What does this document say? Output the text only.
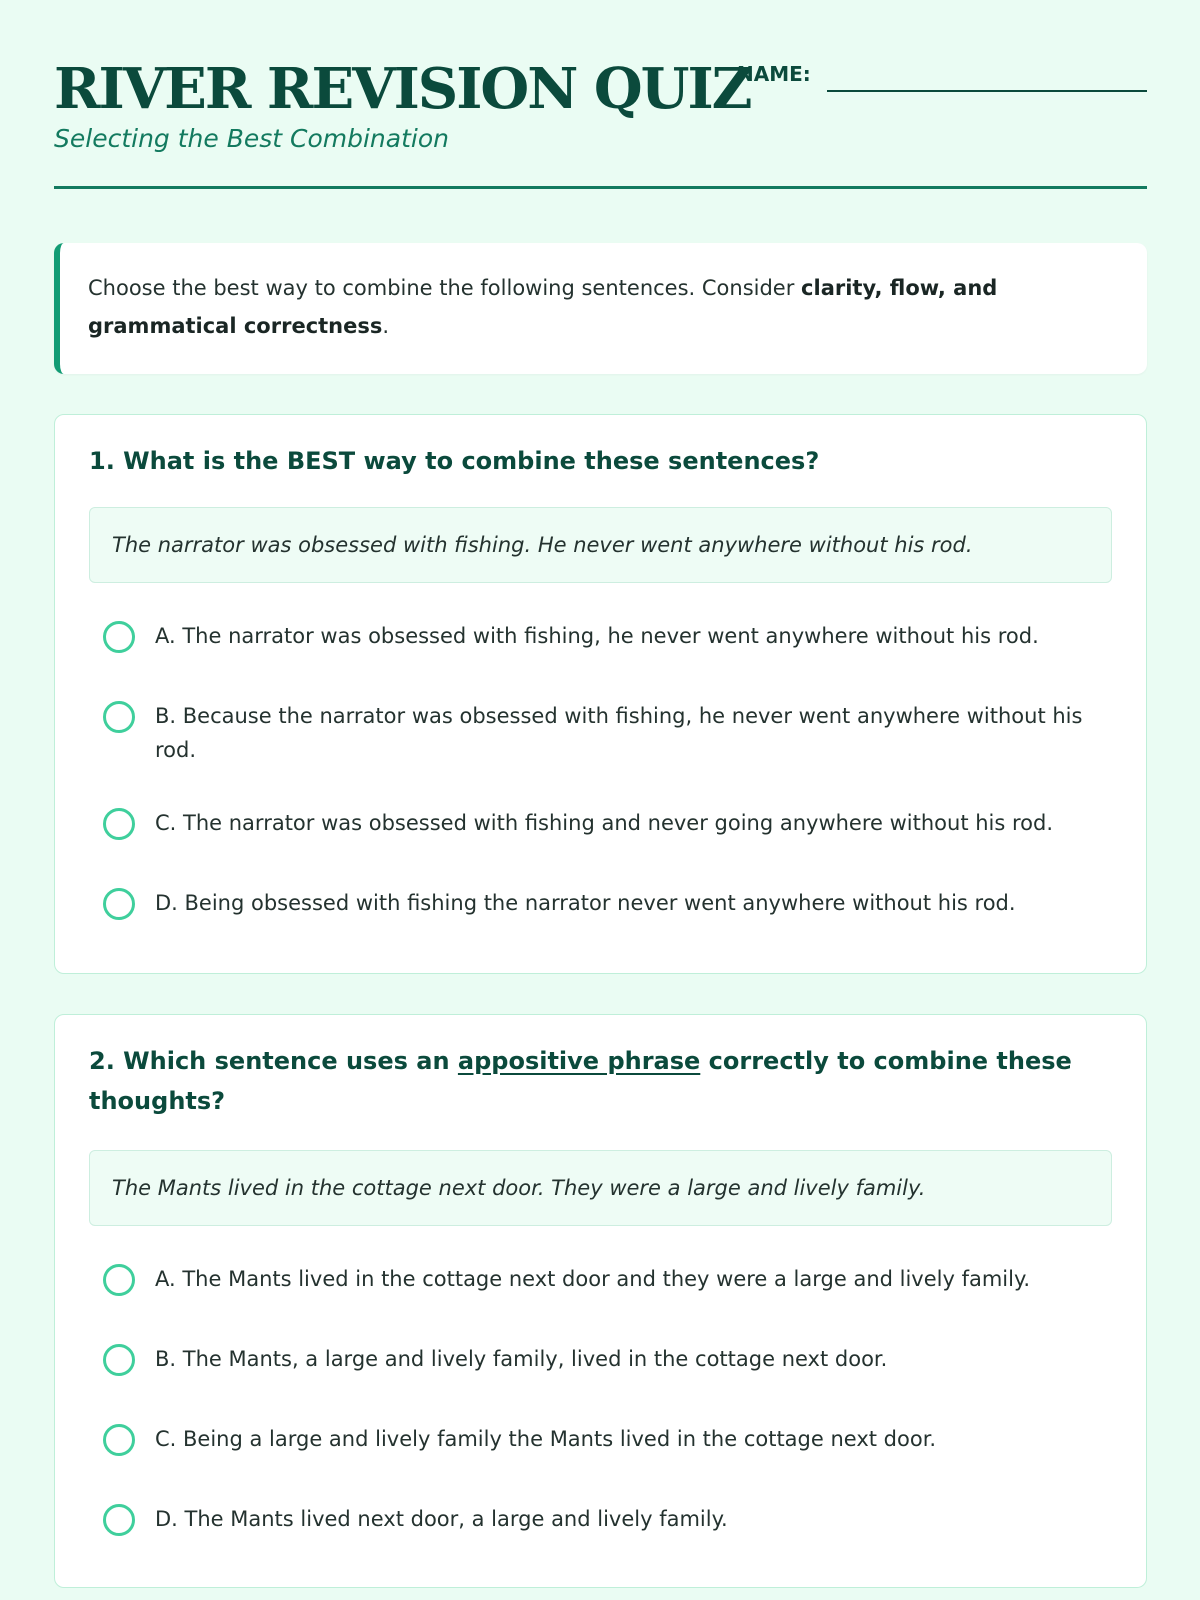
RIVER REVISION QUIZ
Selecting the Best Combination
NAME:
Choose the best way to combine the following sentences. Consider clarity, flow, and grammatical correctness.
1. What is the BEST way to combine these sentences?
The narrator was obsessed with fishing. He never went anywhere without his rod.
A. The narrator was obsessed with fishing, he never went anywhere without his rod.
B. Because the narrator was obsessed with fishing, he never went anywhere without his rod.
C. The narrator was obsessed with fishing and never going anywhere without his rod.
D. Being obsessed with fishing the narrator never went anywhere without his rod.
2. Which sentence uses an appositive phrase correctly to combine these thoughts?
The Mants lived in the cottage next door. They were a large and lively family.
A. The Mants lived in the cottage next door and they were a large and lively family.
B. The Mants, a large and lively family, lived in the cottage next door.
C. Being a large and lively family the Mants lived in the cottage next door.
D. The Mants lived next door, a large and lively family.
